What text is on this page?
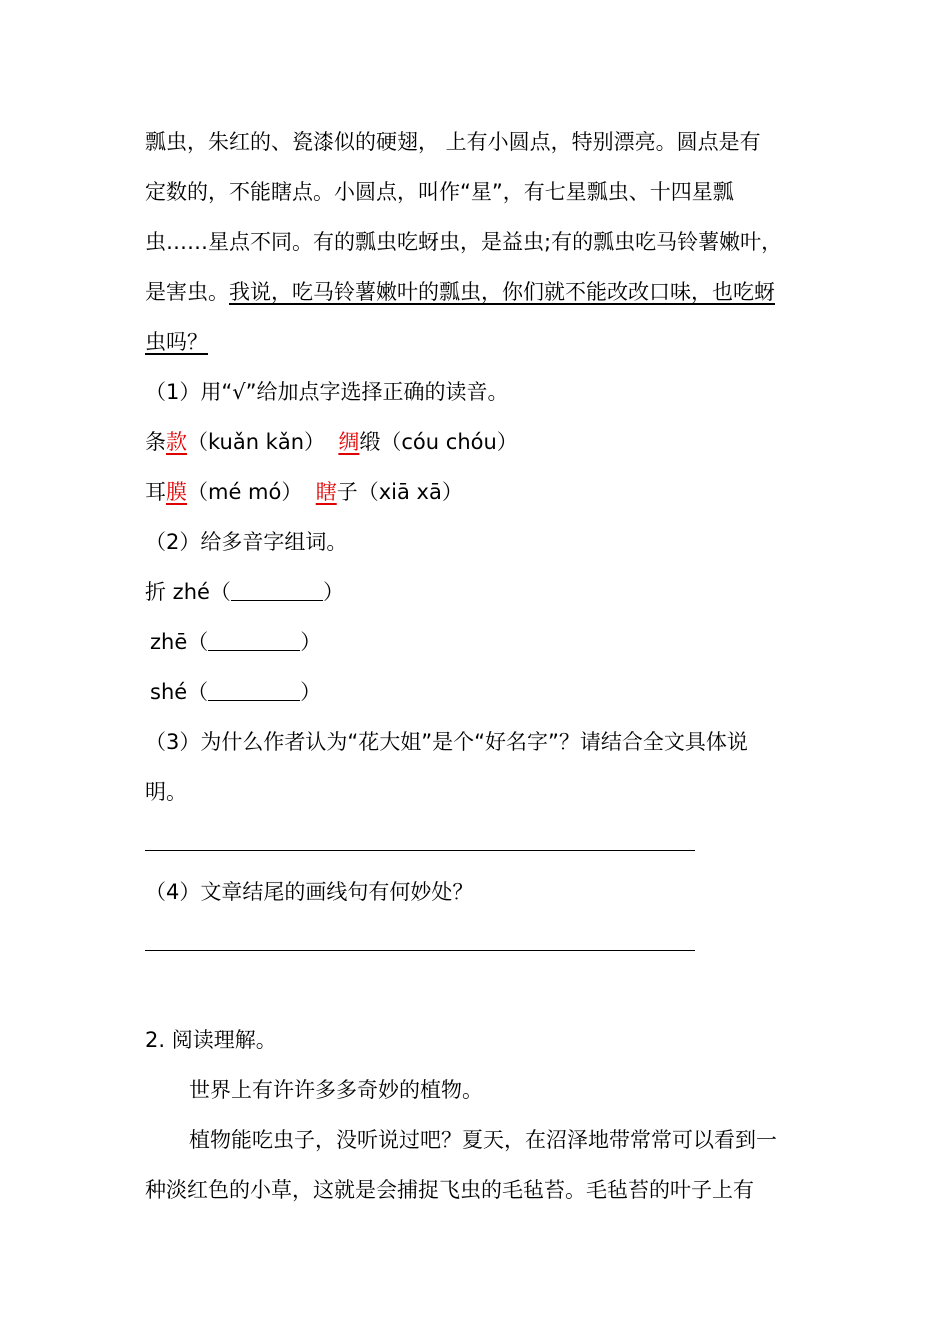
瓢虫，朱红的、瓷漆似的硬翅， 上有小圆点，特别漂亮。圆点是有
定数的，不能瞎点。小圆点，叫作“星”，有七星瓢虫、十四星瓢
虫……星点不同。有的瓢虫吃蚜虫，是益虫;有的瓢虫吃马铃薯嫩叶，
是害虫。我说，吃马铃薯嫩叶的瓢虫，你们就不能改改口味，也吃蚜
虫吗？
（1）用“√”给加点字选择正确的读音。
条款（kuǎn kǎn） 绸缎（cóu chóu）
耳膜（mé mó） 瞎子（xiā xā）
（2）给多音字组词。
折 zhé（	）
zhē（	）
shé（	）
（3）为什么作者认为“花大姐”是个“好名字”？请结合全文具体说
明。
（4）文章结尾的画线句有何妙处？
2. 阅读理解。
世界上有许许多多奇妙的植物。
植物能吃虫子，没听说过吧？夏天，在沼泽地带常常可以看到一
种淡红色的小草，这就是会捕捉飞虫的毛毡苔。毛毡苔的叶子上有
